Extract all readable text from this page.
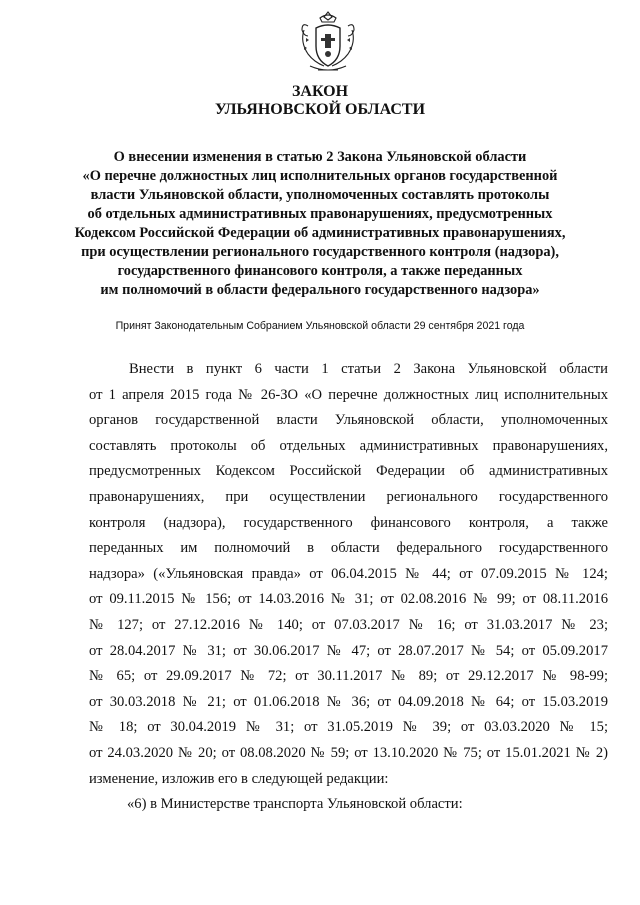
ЗАКОН
УЛЬЯНОВСКОЙ ОБЛАСТИ
О внесении изменения в статью 2 Закона Ульяновской области
«О перечне должностных лиц исполнительных органов государственной
власти Ульяновской области, уполномоченных составлять протоколы
об отдельных административных правонарушениях, предусмотренных
Кодексом Российской Федерации об административных правонарушениях,
при осуществлении регионального государственного контроля (надзора),
государственного финансового контроля, а также переданных
им полномочий в области федерального государственного надзора»

Принят Законодательным Собранием Ульяновской области 29 сентября 2021 года

Внести в пункт 6 части 1 статьи 2 Закона Ульяновской области
от 1 апреля 2015 года № 26-ЗО «О перечне должностных лиц исполнительных
органов государственной власти Ульяновской области, уполномоченных
составлять протоколы об отдельных административных правонарушениях,
предусмотренных Кодексом Российской Федерации об административных
правонарушениях, при осуществлении регионального государственного
контроля (надзора), государственного финансового контроля, а также
переданных им полномочий в области федерального государственного
надзора» («Ульяновская правда» от 06.04.2015 № 44; от 07.09.2015 № 124;
от 09.11.2015 № 156; от 14.03.2016 № 31; от 02.08.2016 № 99; от 08.11.2016
№ 127; от 27.12.2016 № 140; от 07.03.2017 № 16; от 31.03.2017 № 23;
от 28.04.2017 № 31; от 30.06.2017 № 47; от 28.07.2017 № 54; от 05.09.2017
№ 65; от 29.09.2017 № 72; от 30.11.2017 № 89; от 29.12.2017 № 98-99;
от 30.03.2018 № 21; от 01.06.2018 № 36; от 04.09.2018 № 64; от 15.03.2019
№ 18; от 30.04.2019 № 31; от 31.05.2019 № 39; от 03.03.2020 № 15;
от 24.03.2020 № 20; от 08.08.2020 № 59; от 13.10.2020 № 75; от 15.01.2021 № 2)
изменение, изложив его в следующей редакции:
«6) в Министерстве транспорта Ульяновской области:
